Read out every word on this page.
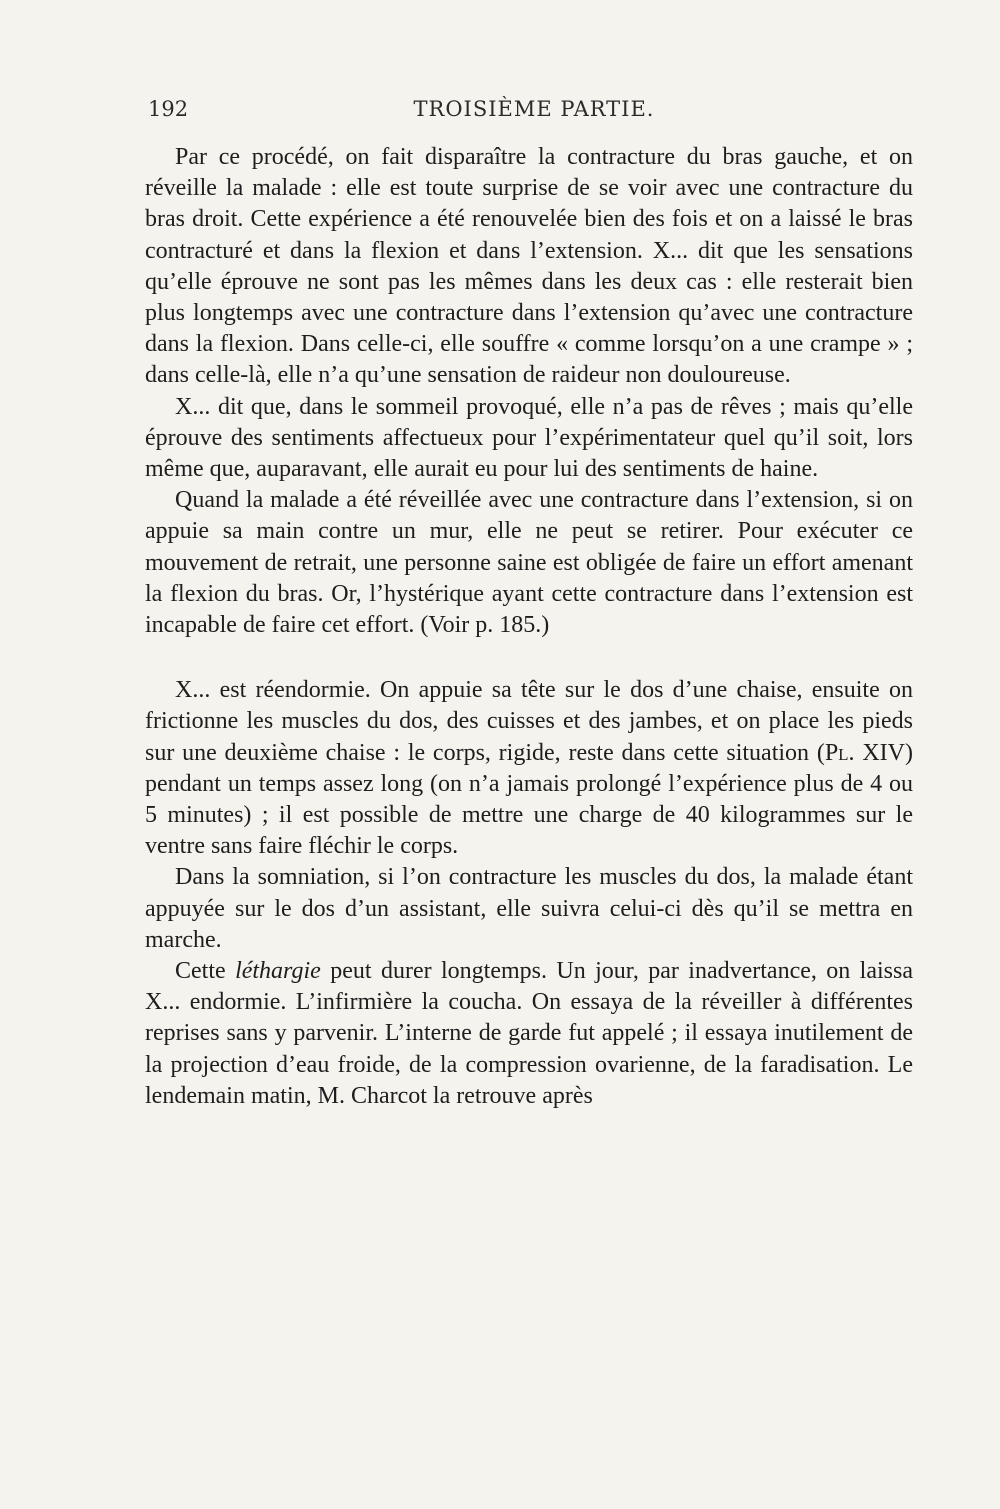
192	TROISIÈME PARTIE.

Par ce procédé, on fait disparaître la contracture du bras gauche, et on réveille la malade : elle est toute surprise de se voir avec une contracture du bras droit. Cette expérience a été renouvelée bien des fois et on a laissé le bras contracturé et dans la flexion et dans l’extension. X... dit que les sensations qu’elle éprouve ne sont pas les mêmes dans les deux cas : elle resterait bien plus longtemps avec une contracture dans l’extension qu’avec une contracture dans la flexion. Dans celle-ci, elle souffre « comme lorsqu’on a une crampe » ; dans celle-là, elle n’a qu’une sensation de raideur non douloureuse.

X... dit que, dans le sommeil provoqué, elle n’a pas de rêves ; mais qu’elle éprouve des sentiments affectueux pour l’expérimentateur quel qu’il soit, lors même que, auparavant, elle aurait eu pour lui des sentiments de haine.

Quand la malade a été réveillée avec une contracture dans l’extension, si on appuie sa main contre un mur, elle ne peut se retirer. Pour exécuter ce mouvement de retrait, une personne saine est obligée de faire un effort amenant la flexion du bras. Or, l’hystérique ayant cette contracture dans l’extension est incapable de faire cet effort. (Voir p. 185.)

X... est réendormie. On appuie sa tête sur le dos d’une chaise, ensuite on frictionne les muscles du dos, des cuisses et des jambes, et on place les pieds sur une deuxième chaise : le corps, rigide, reste dans cette situation (Pl. XIV) pendant un temps assez long (on n’a jamais prolongé l’expérience plus de 4 ou 5 minutes) ; il est possible de mettre une charge de 40 kilogrammes sur le ventre sans faire fléchir le corps.

Dans la somniation, si l’on contracture les muscles du dos, la malade étant appuyée sur le dos d’un assistant, elle suivra celui-ci dès qu’il se mettra en marche.

Cette léthargie peut durer longtemps. Un jour, par inadvertance, on laissa X... endormie. L’infirmière la coucha. On essaya de la réveiller à différentes reprises sans y parvenir. L’interne de garde fut appelé ; il essaya inutilement de la projection d’eau froide, de la compression ovarienne, de la faradisation. Le lendemain matin, M. Charcot la retrouve après
